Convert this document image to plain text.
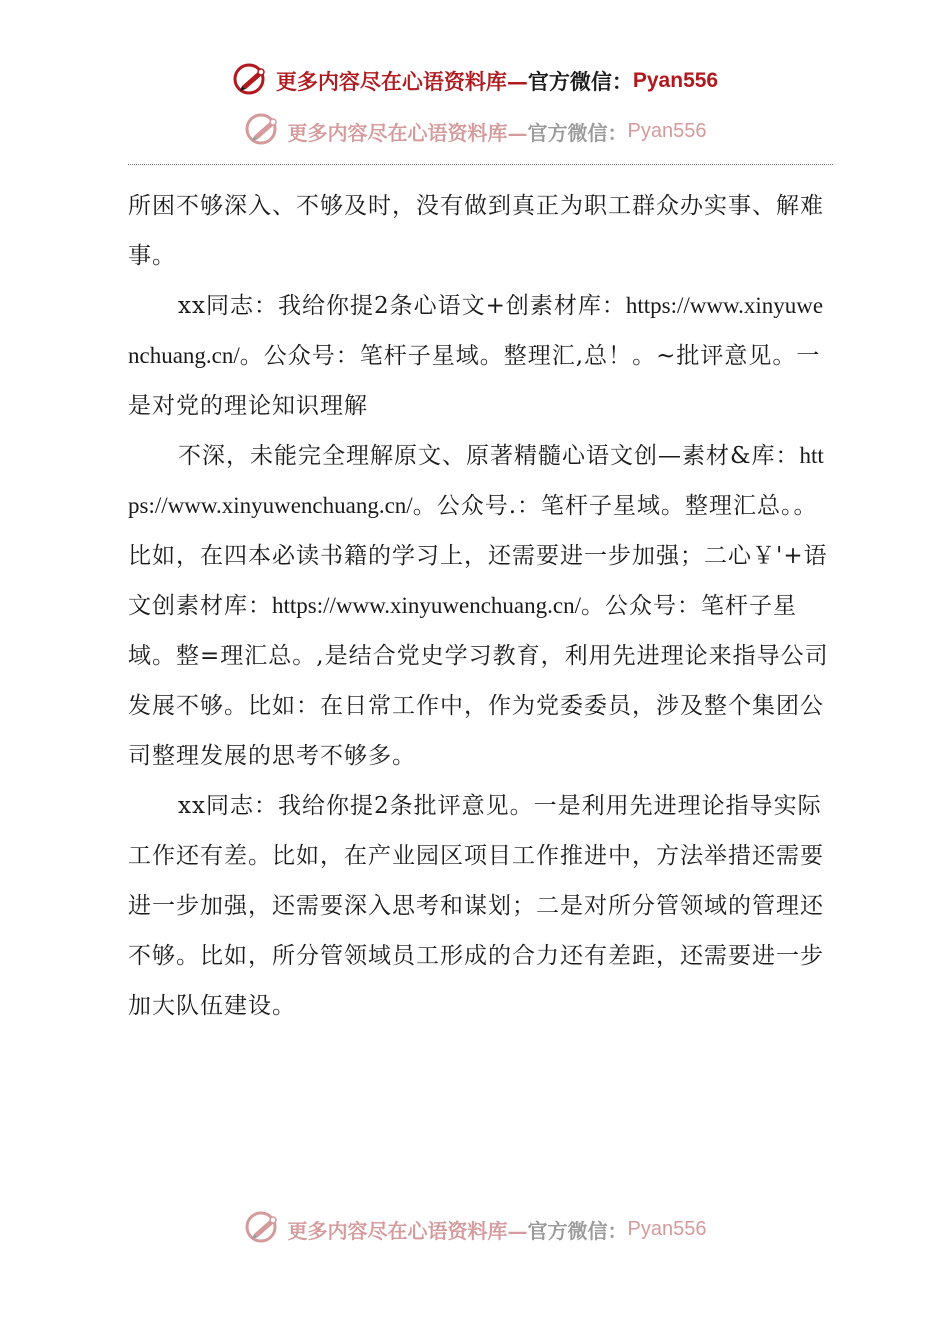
更多内容尽在心语资料库— 官方微信： Pyan556
更多内容尽在心语资料库— 官方微信： Pyan556

所困不够深入、不够及时，没有做到真正为职工群众办实事、解难事。

xx同志：我给你提2条心语文+创素材库：https://www.xinyuwenchuang.cn/。公众号：笔杆子星域。整理汇,总！。~批评意见。一是对党的理论知识理解

不深，未能完全理解原文、原著精髓心语文创—素材&库：https://www.xinyuwenchuang.cn/。公众号.：笔杆子星域。整理汇总。。比如，在四本必读书籍的学习上，还需要进一步加强；二心￥'+语文创素材库：https://www.xinyuwenchuang.cn/。公众号：笔杆子星域。整=理汇总。,是结合党史学习教育，利用先进理论来指导公司发展不够。比如：在日常工作中，作为党委委员，涉及整个集团公司整理发展的思考不够多。

xx同志：我给你提2条批评意见。一是利用先进理论指导实际工作还有差。比如，在产业园区项目工作推进中，方法举措还需要进一步加强，还需要深入思考和谋划；二是对所分管领域的管理还不够。比如，所分管领域员工形成的合力还有差距，还需要进一步加大队伍建设。

更多内容尽在心语资料库— 官方微信： Pyan556
